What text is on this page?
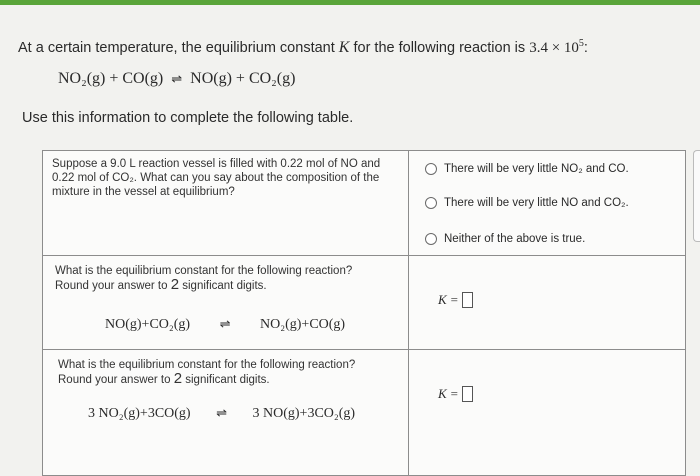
At a certain temperature, the equilibrium constant K for the following reaction is $3.4 \times 10^5$:
NO₂(g) + CO(g) ⇌ NO(g) + CO₂(g)
Use this information to complete the following table.
Suppose a 9.0 L reaction vessel is filled with 0.22 mol of NO and 0.22 mol of CO₂. What can you say about the composition of the mixture in the vessel at equilibrium?
What is the equilibrium constant for the following reaction?
Round your answer to 2 significant digits.
NO(g)+CO₂(g) ⇌ NO₂(g)+CO(g)
What is the equilibrium constant for the following reaction?
Round your answer to 2 significant digits.
3 NO₂(g)+3CO(g) ⇌ 3 NO(g)+3CO₂(g)
There will be very little NO₂ and CO.
There will be very little NO and CO₂.
Neither of the above is true.
K =
K =
